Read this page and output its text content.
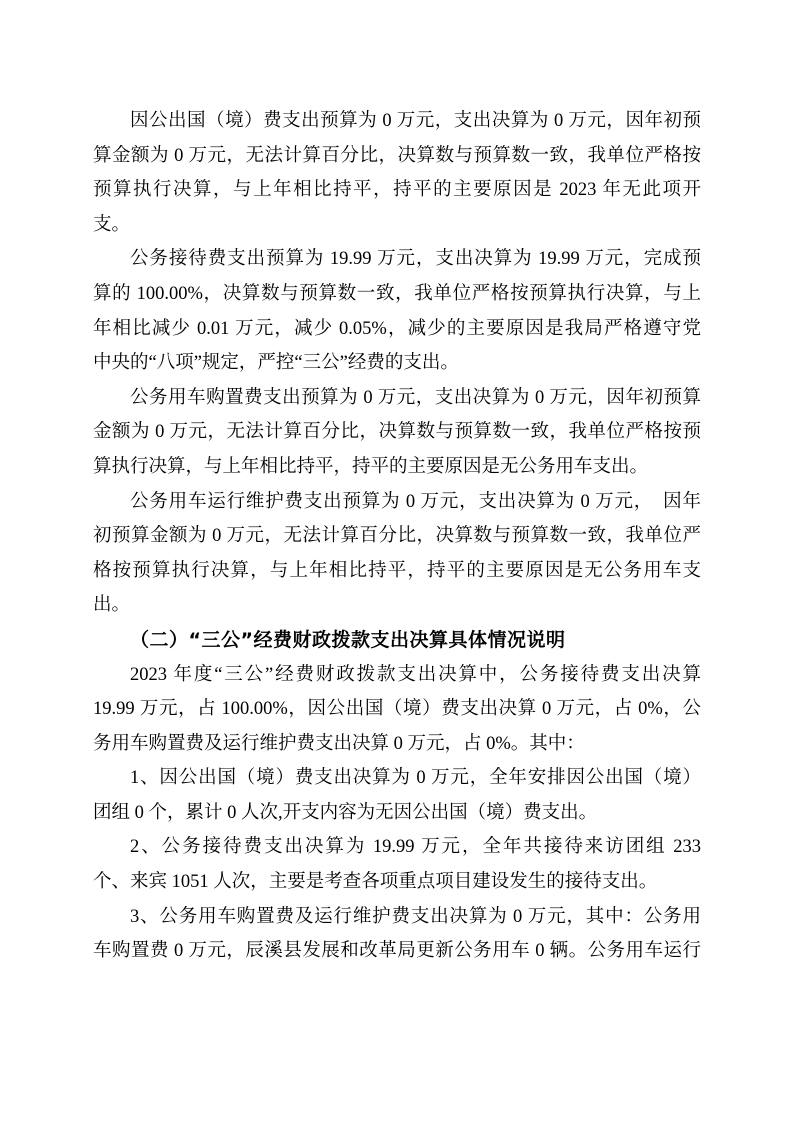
因公出国（境）费支出预算为 0 万元，支出决算为 0 万元，因年初预
算金额为 0 万元，无法计算百分比，决算数与预算数一致，我单位严格按
预算执行决算，与上年相比持平，持平的主要原因是 2023 年无此项开
支。

公务接待费支出预算为 19.99 万元，支出决算为 19.99 万元，完成预
算的 100.00%，决算数与预算数一致，我单位严格按预算执行决算，与上
年相比减少 0.01 万元，减少 0.05%，减少的主要原因是我局严格遵守党
中央的“八项”规定，严控“三公”经费的支出。

公务用车购置费支出预算为 0 万元，支出决算为 0 万元，因年初预算
金额为 0 万元，无法计算百分比，决算数与预算数一致，我单位严格按预
算执行决算，与上年相比持平，持平的主要原因是无公务用车支出。

公务用车运行维护费支出预算为 0 万元，支出决算为 0 万元，　因年
初预算金额为 0 万元，无法计算百分比，决算数与预算数一致，我单位严
格按预算执行决算，与上年相比持平，持平的主要原因是无公务用车支
出。

（二）“三公”经费财政拨款支出决算具体情况说明

2023 年度“三公”经费财政拨款支出决算中，公务接待费支出决算
19.99 万元，占 100.00%，因公出国（境）费支出决算 0 万元，占 0%，公
务用车购置费及运行维护费支出决算 0 万元，占 0%。其中：

1、因公出国（境）费支出决算为 0 万元，全年安排因公出国（境）
团组 0 个，累计 0 人次,开支内容为无因公出国（境）费支出。

2、公务接待费支出决算为 19.99 万元，全年共接待来访团组 233
个、来宾 1051 人次，主要是考查各项重点项目建设发生的接待支出。

3、公务用车购置费及运行维护费支出决算为 0 万元，其中：公务用
车购置费 0 万元，辰溪县发展和改革局更新公务用车 0 辆。公务用车运行
